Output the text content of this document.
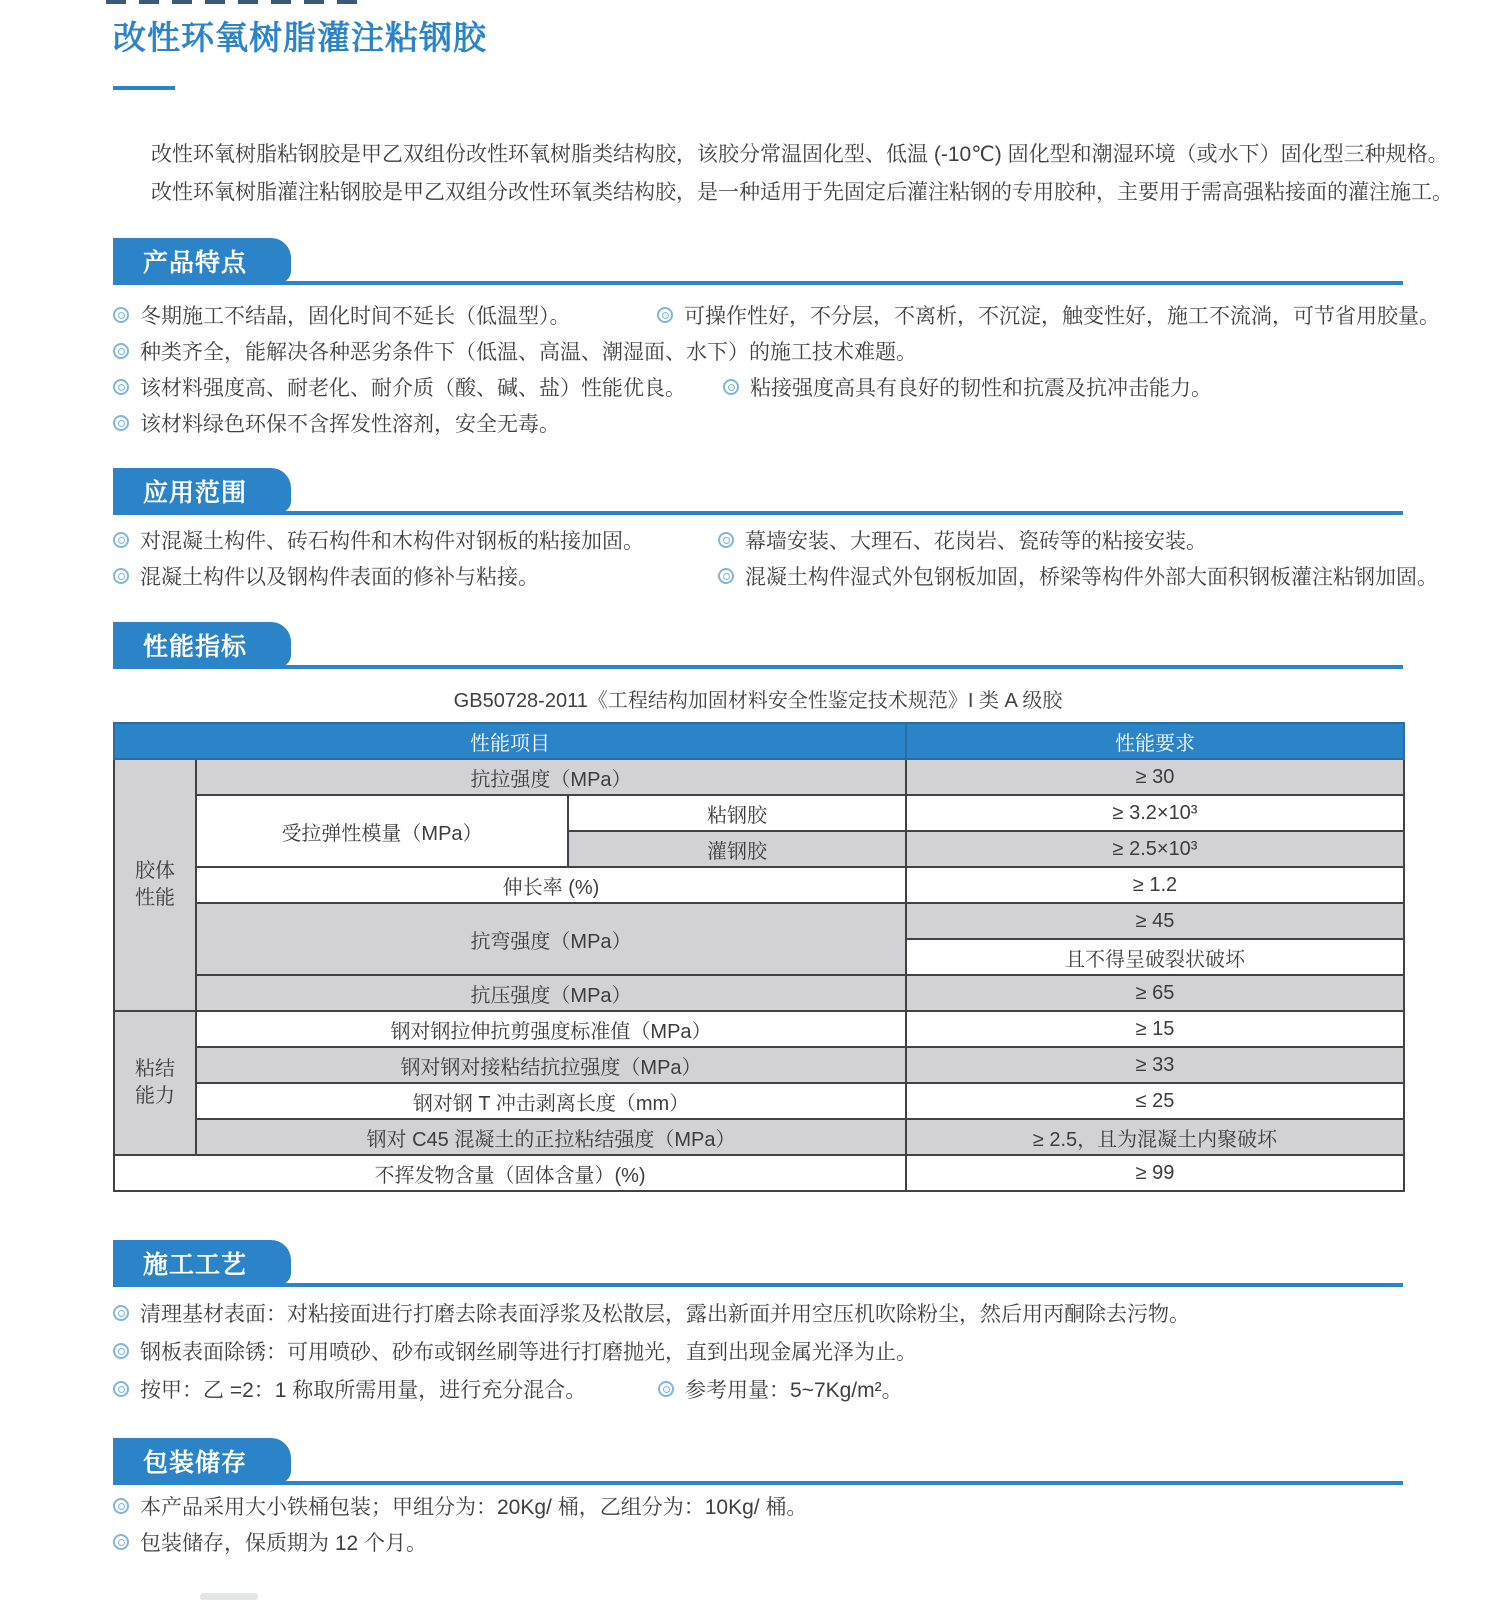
改性环氧树脂灌注粘钢胶

改性环氧树脂粘钢胶是甲乙双组份改性环氧树脂类结构胶，该胶分常温固化型、低温 (-10℃) 固化型和潮湿环境（或水下）固化型三种规格。

改性环氧树脂灌注粘钢胶是甲乙双组分改性环氧类结构胶，是一种适用于先固定后灌注粘钢的专用胶种，主要用于需高强粘接面的灌注施工。

产品特点
冬期施工不结晶，固化时间不延长（低温型）。	可操作性好，不分层，不离析，不沉淀，触变性好，施工不流淌，可节省用胶量。
种类齐全，能解决各种恶劣条件下（低温、高温、潮湿面、水下）的施工技术难题。
该材料强度高、耐老化、耐介质（酸、碱、盐）性能优良。	粘接强度高具有良好的韧性和抗震及抗冲击能力。
该材料绿色环保不含挥发性溶剂，安全无毒。
应用范围
对混凝土构件、砖石构件和木构件对钢板的粘接加固。	幕墙安装、大理石、花岗岩、瓷砖等的粘接安装。
混凝土构件以及钢构件表面的修补与粘接。	混凝土构件湿式外包钢板加固，桥梁等构件外部大面积钢板灌注粘钢加固。
性能指标
GB50728-2011《工程结构加固材料安全性鉴定技术规范》I 类 A 级胶
性能项目			性能要求

胶体
性能	抗拉强度（MPa）		≥ 30
	受拉弹性模量（MPa）	粘钢胶	≥ 3.2×10³
		灌钢胶	≥ 2.5×10³
	伸长率 (%)		≥ 1.2
	抗弯强度（MPa）		≥ 45
			且不得呈破裂状破坏
	抗压强度（MPa）		≥ 65

粘结
能力	钢对钢拉伸抗剪强度标准值（MPa）		≥ 15
	钢对钢对接粘结抗拉强度（MPa）		≥ 33
	钢对钢 T 冲击剥离长度（mm）		≤ 25
	钢对 C45 混凝土的正拉粘结强度（MPa）		≥ 2.5，且为混凝土内聚破坏
不挥发物含量（固体含量）(%)			≥ 99
施工工艺
清理基材表面：对粘接面进行打磨去除表面浮浆及松散层，露出新面并用空压机吹除粉尘，然后用丙酮除去污物。
钢板表面除锈：可用喷砂、砂布或钢丝刷等进行打磨抛光，直到出现金属光泽为止。
按甲：乙 =2：1 称取所需用量，进行充分混合。	参考用量：5~7Kg/m²。
包装储存
本产品采用大小铁桶包装；甲组分为：20Kg/ 桶，乙组分为：10Kg/ 桶。
包装储存，保质期为 12 个月。
